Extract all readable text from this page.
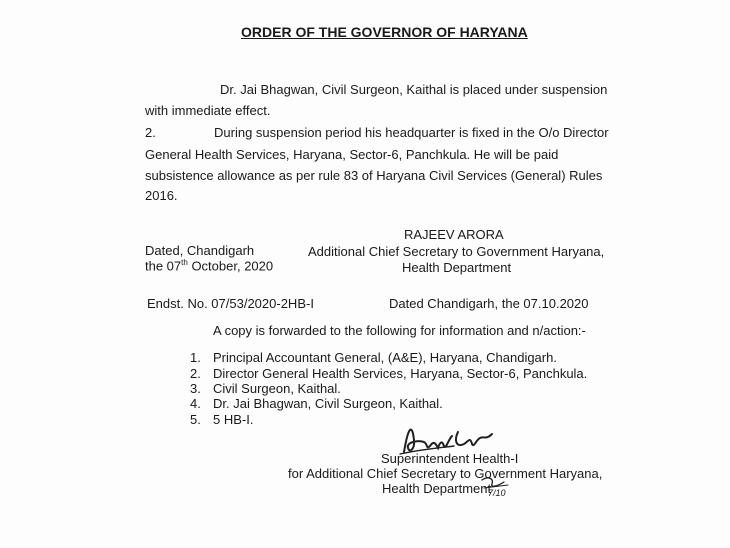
ORDER OF THE GOVERNOR OF HARYANA
Dr. Jai Bhagwan, Civil Surgeon, Kaithal is placed under suspension
with immediate effect.
2.	During suspension period his headquarter is fixed in the O/o Director
General Health Services, Haryana, Sector-6, Panchkula. He will be paid
subsistence allowance as per rule 83 of Haryana Civil Services (General) Rules
2016.
RAJEEV ARORA
Additional Chief Secretary to Government Haryana,
Health Department
Dated, Chandigarh
the 07th October, 2020
Endst. No. 07/53/2020-2HB-I	Dated Chandigarh, the 07.10.2020
A copy is forwarded to the following for information and n/action:-
1. Principal Accountant General, (A&E), Haryana, Chandigarh.
2. Director General Health Services, Haryana, Sector-6, Panchkula.
3. Civil Surgeon, Kaithal.
4. Dr. Jai Bhagwan, Civil Surgeon, Kaithal.
5. 5 HB-I.
Superintendent Health-I
for Additional Chief Secretary to Government Haryana,
Health Department
7/10
